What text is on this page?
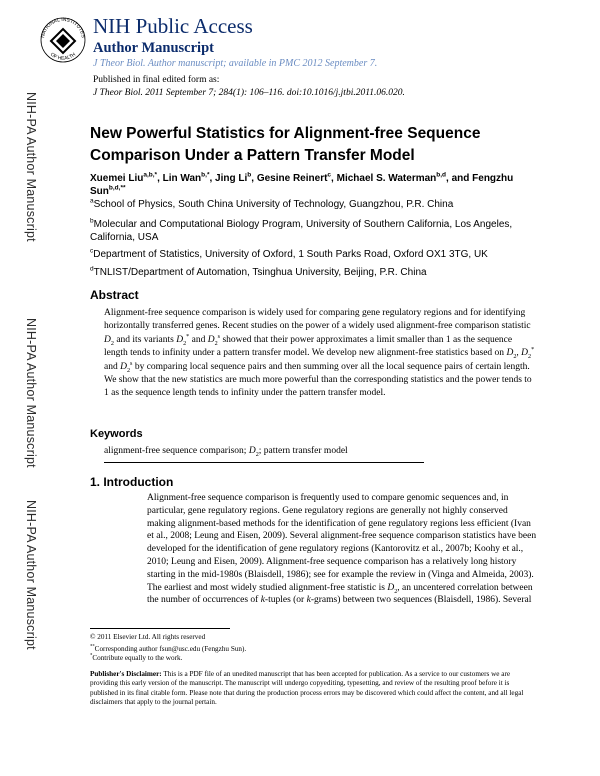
NIH-PA Author Manuscript
NIH-PA Author Manuscript
NIH-PA Author Manuscript
NATIONAL INSTITUTES
OF HEALTH
NIH Public Access
Author Manuscript
J Theor Biol. Author manuscript; available in PMC 2012 September 7.
Published in final edited form as:
J Theor Biol. 2011 September 7; 284(1): 106–116. doi:10.1016/j.jtbi.2011.06.020.
New Powerful Statistics for Alignment-free Sequence
Comparison Under a Pattern Transfer Model
Xuemei Liu$^{a,b,*}$, Lin Wan$^{b,*}$, Jing Li$^b$, Gesine Reinert$^c$, Michael S. Waterman$^{b,d}$, and Fengzhu Sun$^{b,d,**}$
$^a$School of Physics, South China University of Technology, Guangzhou, P.R. China
$^b$Molecular and Computational Biology Program, University of Southern California, Los Angeles, California, USA
$^c$Department of Statistics, University of Oxford, 1 South Parks Road, Oxford OX1 3TG, UK
$^d$TNLIST/Department of Automation, Tsinghua University, Beijing, P.R. China
Abstract
Alignment-free sequence comparison is widely used for comparing gene regulatory regions and for identifying horizontally transferred genes. Recent studies on the power of a widely used alignment-free comparison statistic $D_2$ and its variants $D_2^*$ and $D_2^s$ showed that their power approximates a limit smaller than 1 as the sequence length tends to infinity under a pattern transfer model. We develop new alignment-free statistics based on $D_2$, $D_2^*$ and $D_2^s$ by comparing local sequence pairs and then summing over all the local sequence pairs of certain length. We show that the new statistics are much more powerful than the corresponding statistics and the power tends to 1 as the sequence length tends to infinity under the pattern transfer model.
Keywords
alignment-free sequence comparison; $D_2$; pattern transfer model
1. Introduction
Alignment-free sequence comparison is frequently used to compare genomic sequences and, in particular, gene regulatory regions. Gene regulatory regions are generally not highly conserved making alignment-based methods for the identification of gene regulatory regions less efficient (Ivan et al., 2008; Leung and Eisen, 2009). Several alignment-free sequence comparison statistics have been developed for the identification of gene regulatory regions (Kantorovitz et al., 2007b; Koohy et al., 2010; Leung and Eisen, 2009). Alignment-free sequence comparison has a relatively long history starting in the mid-1980s (Blaisdell, 1986); see for example the review in (Vinga and Almeida, 2003). The earliest and most widely studied alignment-free statistic is $D_2$, an uncentered correlation between the number of occurrences of k-tuples (or k-grams) between two sequences (Blaisdell, 1986). Several
© 2011 Elsevier Ltd. All rights reserved
**Corresponding author fsun@usc.edu (Fengzhu Sun).
*Contribute equally to the work.
Publisher's Disclaimer: This is a PDF file of an unedited manuscript that has been accepted for publication. As a service to our customers we are providing this early version of the manuscript. The manuscript will undergo copyediting, typesetting, and review of the resulting proof before it is published in its final citable form. Please note that during the production process errors may be discovered which could affect the content, and all legal disclaimers that apply to the journal pertain.
